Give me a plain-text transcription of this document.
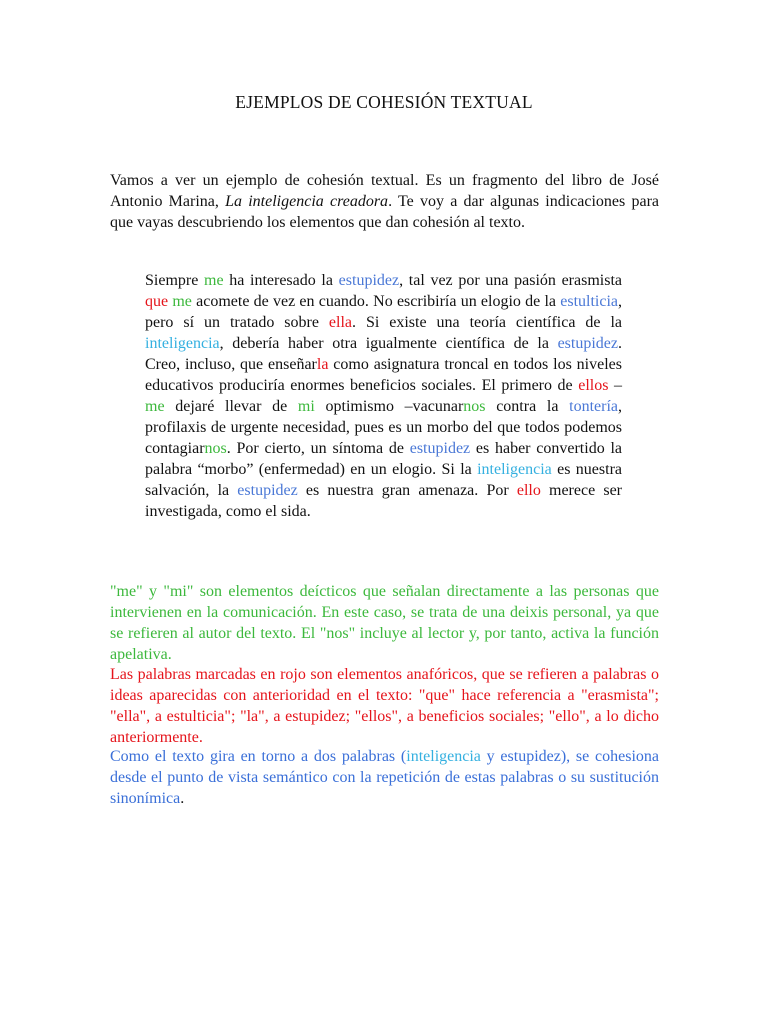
EJEMPLOS DE COHESIÓN TEXTUAL

Vamos a ver un ejemplo de cohesión textual. Es un fragmento del libro de José Antonio Marina, La inteligencia creadora. Te voy a dar algunas indicaciones para que vayas descubriendo los elementos que dan cohesión al texto.

Siempre me ha interesado la estupidez, tal vez por una pasión erasmista que me acomete de vez en cuando. No escribiría un elogio de la estulticia, pero sí un tratado sobre ella. Si existe una teoría científica de la inteligencia, debería haber otra igualmente científica de la estupidez. Creo, incluso, que enseñarla como asignatura troncal en todos los niveles educativos produciría enormes beneficios sociales. El primero de ellos –me dejaré llevar de mi optimismo –vacunarnos contra la tontería, profilaxis de urgente necesidad, pues es un morbo del que todos podemos contagiarnos. Por cierto, un síntoma de estupidez es haber convertido la palabra “morbo” (enfermedad) en un elogio. Si la inteligencia es nuestra salvación, la estupidez es nuestra gran amenaza. Por ello merece ser investigada, como el sida.

"me" y "mi" son elementos deícticos que señalan directamente a las personas que intervienen en la comunicación. En este caso, se trata de una deixis personal, ya que se refieren al autor del texto. El "nos" incluye al lector y, por tanto, activa la función apelativa.

Las palabras marcadas en rojo son elementos anafóricos, que se refieren a palabras o ideas aparecidas con anterioridad en el texto: "que" hace referencia a "erasmista"; "ella", a estulticia"; "la", a estupidez; "ellos", a beneficios sociales; "ello", a lo dicho anteriormente.

Como el texto gira en torno a dos palabras (inteligencia y estupidez), se cohesiona desde el punto de vista semántico con la repetición de estas palabras o su sustitución sinonímica.
